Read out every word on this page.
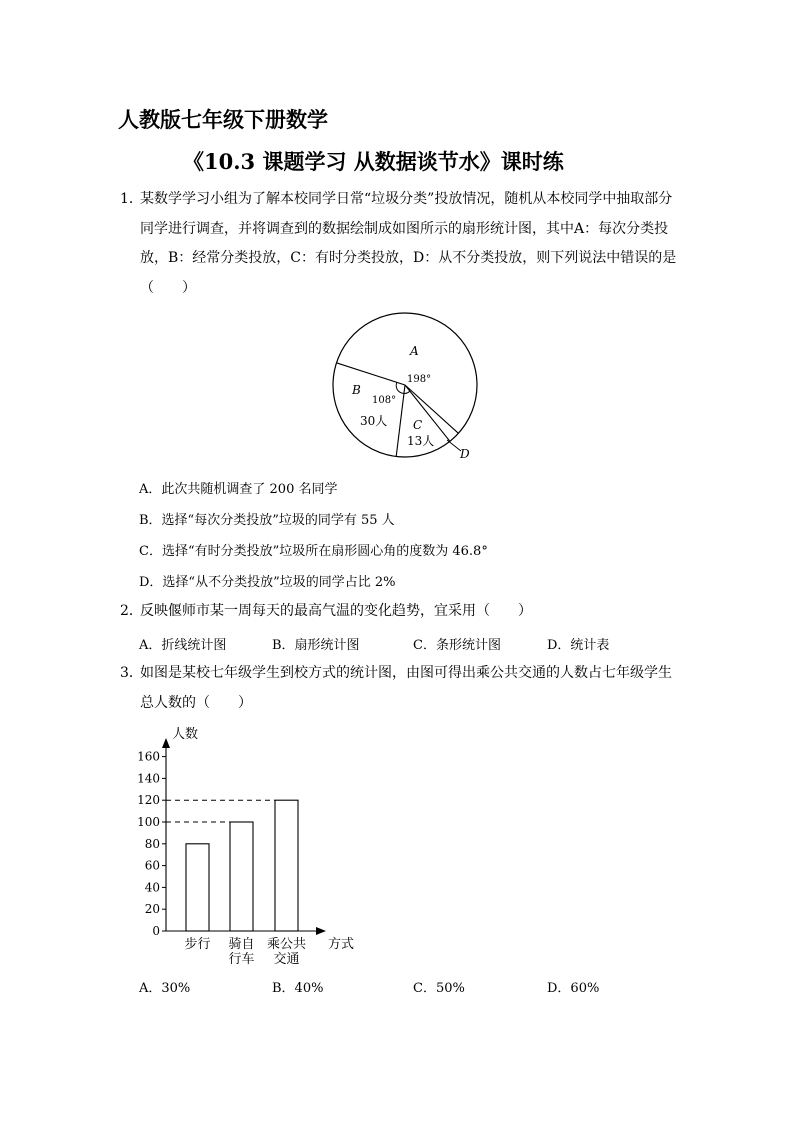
人教版七年级下册数学
《10.3 课题学习 从数据谈节水》课时练
1．
某数学学习小组为了解本校同学日常“垃圾分类”投放情况，随机从本校同学中抽取部分
同学进行调查，并将调查到的数据绘制成如图所示的扇形统计图，其中A：每次分类投
放，B：经常分类投放，C：有时分类投放，D：从不分类投放，则下列说法中错误的是
（　　）
A
198°
B
108°
30人 C
13人
D
A．此次共随机调查了 200 名同学
B．选择“每次分类投放”垃圾的同学有 55 人
C．选择“有时分类投放”垃圾所在扇形圆心角的度数为 46.8°
D．选择“从不分类投放”垃圾的同学占比 2%
2．
反映偃师市某一周每天的最高气温的变化趋势，宜采用（　　）
A．折线统计图	B．扇形统计图	C．条形统计图	D．统计表
3．
如图是某校七年级学生到校方式的统计图，由图可得出乘公共交通的人数占七年级学生
总人数的（　　）
人数
方式
0
20
40
60
80
100
120
140
160
步行 骑自
行车
乘公共
交通
A．30%	B．40%	C．50%	D．60%
